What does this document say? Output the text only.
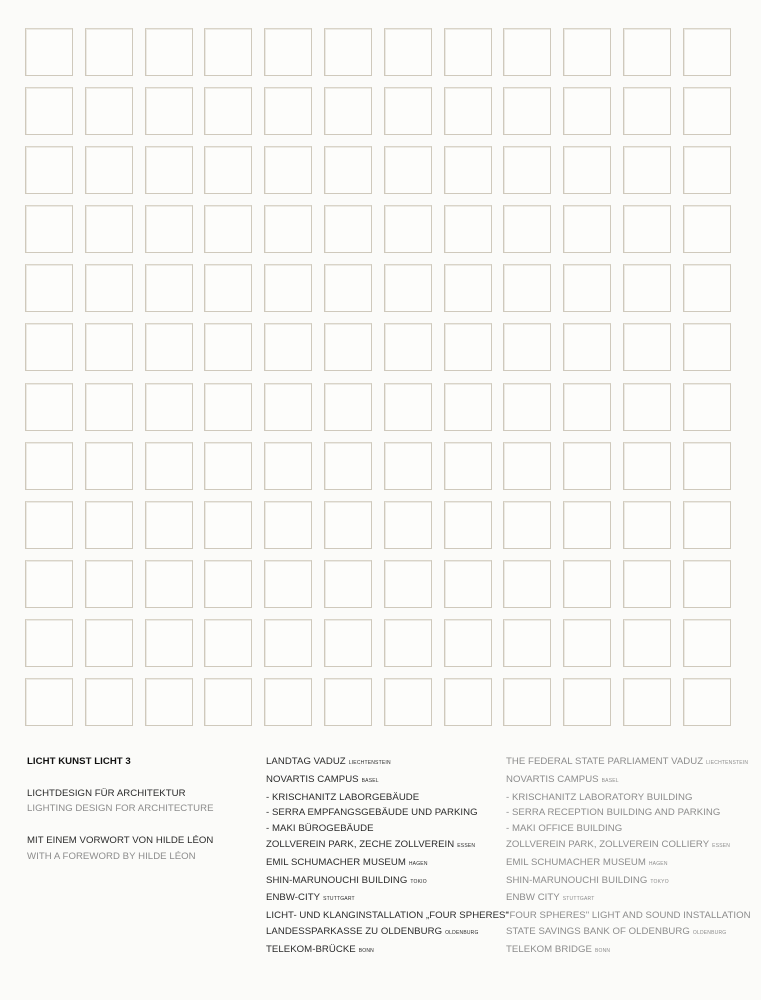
LICHT KUNST LICHT 3
LICHTDESIGN FÜR ARCHITEKTUR
LIGHTING DESIGN FOR ARCHITECTURE
MIT EINEM VORWORT VON HILDE LÉON
WITH A FOREWORD BY HILDE LÉON
LANDTAG VADUZ LIECHTENSTEIN
NOVARTIS CAMPUS BASEL
- KRISCHANITZ LABORGEBÄUDE
- SERRA EMPFANGSGEBÄUDE UND PARKING
- MAKI BÜROGEBÄUDE
ZOLLVEREIN PARK, ZECHE ZOLLVEREIN ESSEN
EMIL SCHUMACHER MUSEUM HAGEN
SHIN-MARUNOUCHI BUILDING TOKIO
ENBW-CITY STUTTGART
LICHT- UND KLANGINSTALLATION „FOUR SPHERES“
LANDESSPARKASSE ZU OLDENBURG OLDENBURG
TELEKOM-BRÜCKE BONN
THE FEDERAL STATE PARLIAMENT VADUZ LIECHTENSTEIN
NOVARTIS CAMPUS BASEL
- KRISCHANITZ LABORATORY BUILDING
- SERRA RECEPTION BUILDING AND PARKING
- MAKI OFFICE BUILDING
ZOLLVEREIN PARK, ZOLLVEREIN COLLIERY ESSEN
EMIL SCHUMACHER MUSEUM HAGEN
SHIN-MARUNOUCHI BUILDING TOKYO
ENBW CITY STUTTGART
"FOUR SPHERES" LIGHT AND SOUND INSTALLATION
STATE SAVINGS BANK OF OLDENBURG OLDENBURG
TELEKOM BRIDGE BONN
